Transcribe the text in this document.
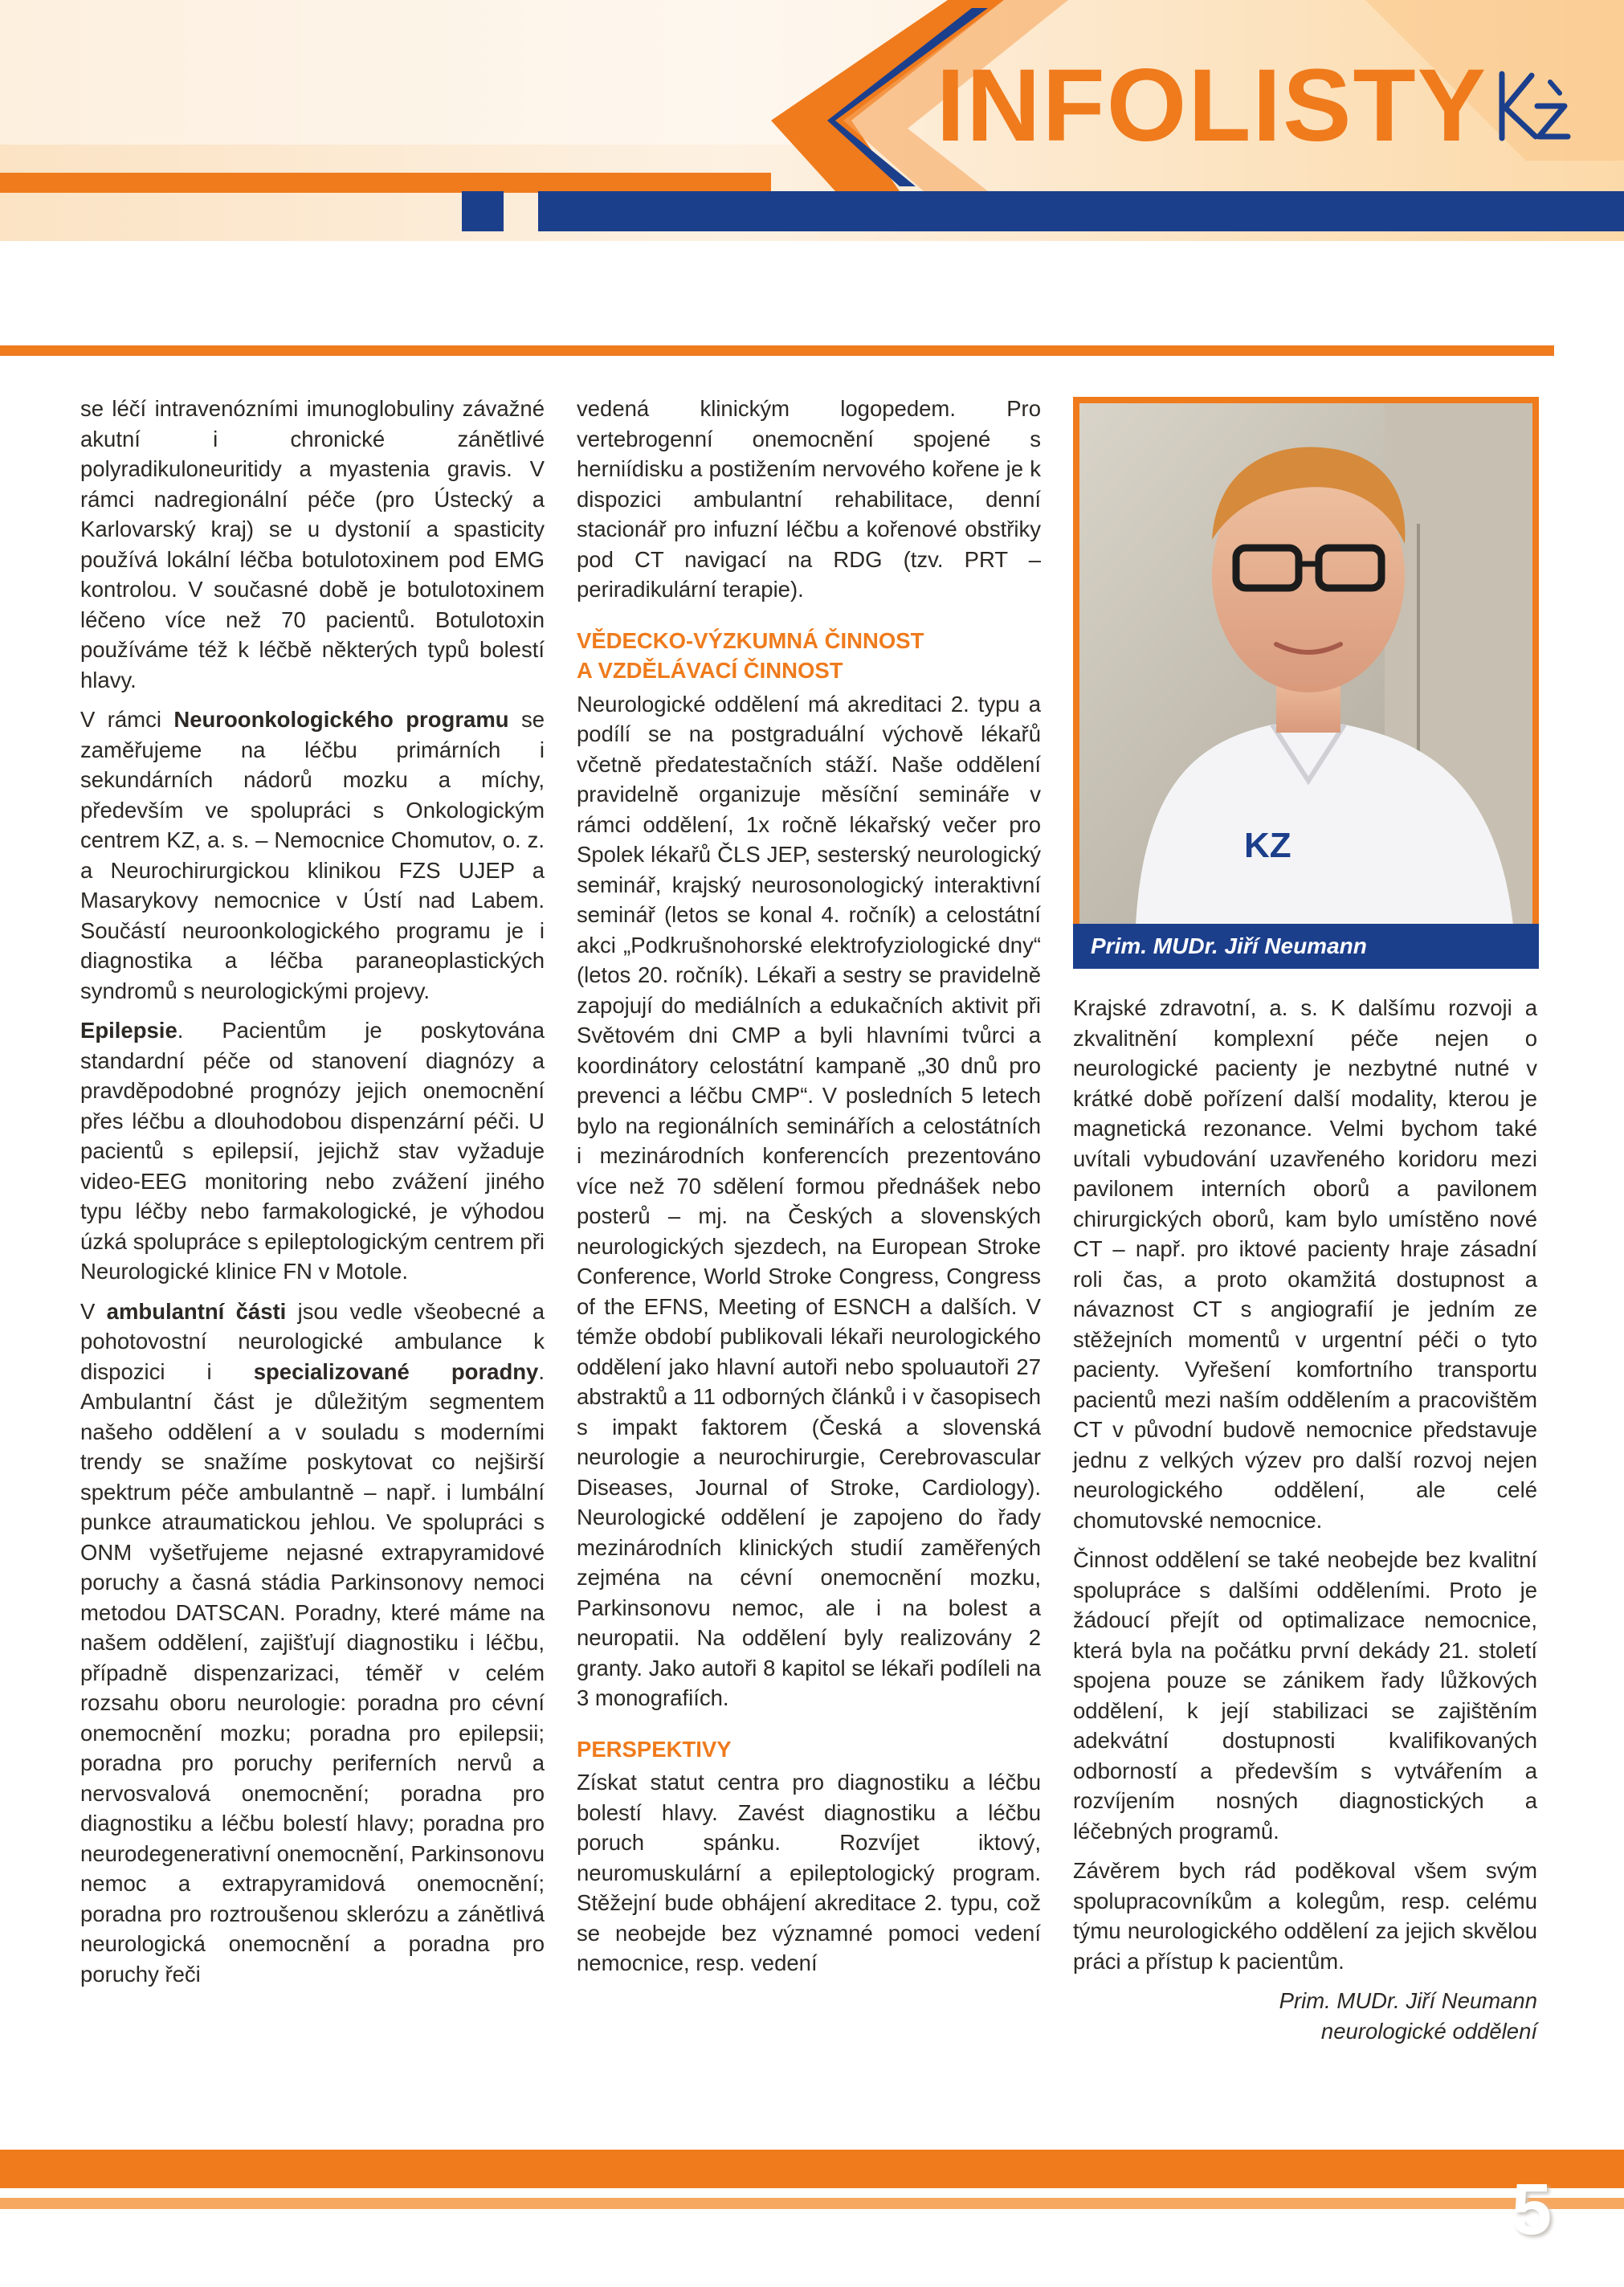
INFOLISTY

se léčí intravenózními imunoglobuliny závažné akutní i chronické zánětlivé polyradikuloneuritidy a myastenia gravis. V rámci nadregionální péče (pro Ústecký a Karlovarský kraj) se u dystonií a spasticity používá lokální léčba botulotoxinem pod EMG kontrolou. V současné době je botulotoxinem léčeno více než 70 pacientů. Botulotoxin používáme též k léčbě některých typů bolestí hlavy.

V rámci Neuroonkologického programu se zaměřujeme na léčbu primárních i sekundárních nádorů mozku a míchy, především ve spolupráci s Onkologickým centrem KZ, a. s. – Nemocnice Chomutov, o. z. a Neurochirurgickou klinikou FZS UJEP a Masarykovy nemocnice v Ústí nad Labem. Součástí neuroonkologického programu je i diagnostika a léčba paraneoplastických syndromů s neurologickými projevy.

Epilepsie. Pacientům je poskytována standardní péče od stanovení diagnózy a pravděpodobné prognózy jejich onemocnění přes léčbu a dlouhodobou dispenzární péči. U pacientů s epilepsií, jejichž stav vyžaduje video-EEG monitoring nebo zvážení jiného typu léčby nebo farmakologické, je výhodou úzká spolupráce s epileptologickým centrem při Neurologické klinice FN v Motole.

V ambulantní části jsou vedle všeobecné a pohotovostní neurologické ambulance k dispozici i specializované poradny. Ambulantní část je důležitým segmentem našeho oddělení a v souladu s moderními trendy se snažíme poskytovat co nejširší spektrum péče ambulantně – např. i lumbální punkce atraumatickou jehlou. Ve spolupráci s ONM vyšetřujeme nejasné extrapyramidové poruchy a časná stádia Parkinsonovy nemoci metodou DATSCAN. Poradny, které máme na našem oddělení, zajišťují diagnostiku i léčbu, případně dispenzarizaci, téměř v celém rozsahu oboru neurologie: poradna pro cévní onemocnění mozku; poradna pro epilepsii; poradna pro poruchy periferních nervů a nervosvalová onemocnění; poradna pro diagnostiku a léčbu bolestí hlavy; poradna pro neurodegenerativní onemocnění, Parkinsonovu nemoc a extrapyramidová onemocnění; poradna pro roztroušenou sklerózu a zánětlivá neurologická onemocnění a poradna pro poruchy řeči

vedená klinickým logopedem. Pro vertebrogenní onemocnění spojené s herniídisku a postižením nervového kořene je k dispozici ambulantní rehabilitace, denní stacionář pro infuzní léčbu a kořenové obstřiky pod CT navigací na RDG (tzv. PRT – periradikulární terapie).

VĚDECKO-VÝZKUMNÁ ČINNOST
A VZDĚLÁVACÍ ČINNOST

Neurologické oddělení má akreditaci 2. typu a podílí se na postgraduální výchově lékařů včetně předatestačních stáží. Naše oddělení pravidelně organizuje měsíční semináře v rámci oddělení, 1x ročně lékařský večer pro Spolek lékařů ČLS JEP, sesterský neurologický seminář, krajský neurosonologický interaktivní seminář (letos se konal 4. ročník) a celostátní akci „Podkrušnohorské elektrofyziologické dny“ (letos 20. ročník). Lékaři a sestry se pravidelně zapojují do mediálních a edukačních aktivit při Světovém dni CMP a byli hlavními tvůrci a koordinátory celostátní kampaně „30 dnů pro prevenci a léčbu CMP“. V posledních 5 letech bylo na regionálních seminářích a celostátních i mezinárodních konferencích prezentováno více než 70 sdělení formou přednášek nebo posterů – mj. na Českých a slovenských neurologických sjezdech, na European Stroke Conference, World Stroke Congress, Congress of the EFNS, Meeting of ESNCH a dalších. V témže období publikovali lékaři neurologického oddělení jako hlavní autoři nebo spoluautoři 27 abstraktů a 11 odborných článků i v časopisech s impakt faktorem (Česká a slovenská neurologie a neurochirurgie, Cerebrovascular Diseases, Journal of Stroke, Cardiology). Neurologické oddělení je zapojeno do řady mezinárodních klinických studií zaměřených zejména na cévní onemocnění mozku, Parkinsonovu nemoc, ale i na bolest a neuropatii. Na oddělení byly realizovány 2 granty. Jako autoři 8 kapitol se lékaři podíleli na 3 monografiích.

PERSPEKTIVY

Získat statut centra pro diagnostiku a léčbu bolestí hlavy. Zavést diagnostiku a léčbu poruch spánku. Rozvíjet iktový, neuromuskulární a epileptologický program. Stěžejní bude obhájení akreditace 2. typu, což se neobejde bez významné pomoci vedení nemocnice, resp. vedení

KZ
Prim. MUDr. Jiří Neumann

Krajské zdravotní, a. s. K dalšímu rozvoji a zkvalitnění komplexní péče nejen o neurologické pacienty je nezbytné nutné v krátké době pořízení další modality, kterou je magnetická rezonance. Velmi bychom také uvítali vybudování uzavřeného koridoru mezi pavilonem interních oborů a pavilonem chirurgických oborů, kam bylo umístěno nové CT – např. pro iktové pacienty hraje zásadní roli čas, a proto okamžitá dostupnost a návaznost CT s angiografií je jedním ze stěžejních momentů v urgentní péči o tyto pacienty. Vyřešení komfortního transportu pacientů mezi naším oddělením a pracovištěm CT v původní budově nemocnice představuje jednu z velkých výzev pro další rozvoj nejen neurologického oddělení, ale celé chomutovské nemocnice.

Činnost oddělení se také neobejde bez kvalitní spolupráce s dalšími odděleními. Proto je žádoucí přejít od optimalizace nemocnice, která byla na počátku první dekády 21. století spojena pouze se zánikem řady lůžkových oddělení, k její stabilizaci se zajištěním adekvátní dostupnosti kvalifikovaných odborností a především s vytvářením a rozvíjením nosných diagnostických a léčebných programů.

Závěrem bych rád poděkoval všem svým spolupracovníkům a kolegům, resp. celému týmu neurologického oddělení za jejich skvělou práci a přístup k pacientům.

Prim. MUDr. Jiří Neumann
neurologické oddělení
5
